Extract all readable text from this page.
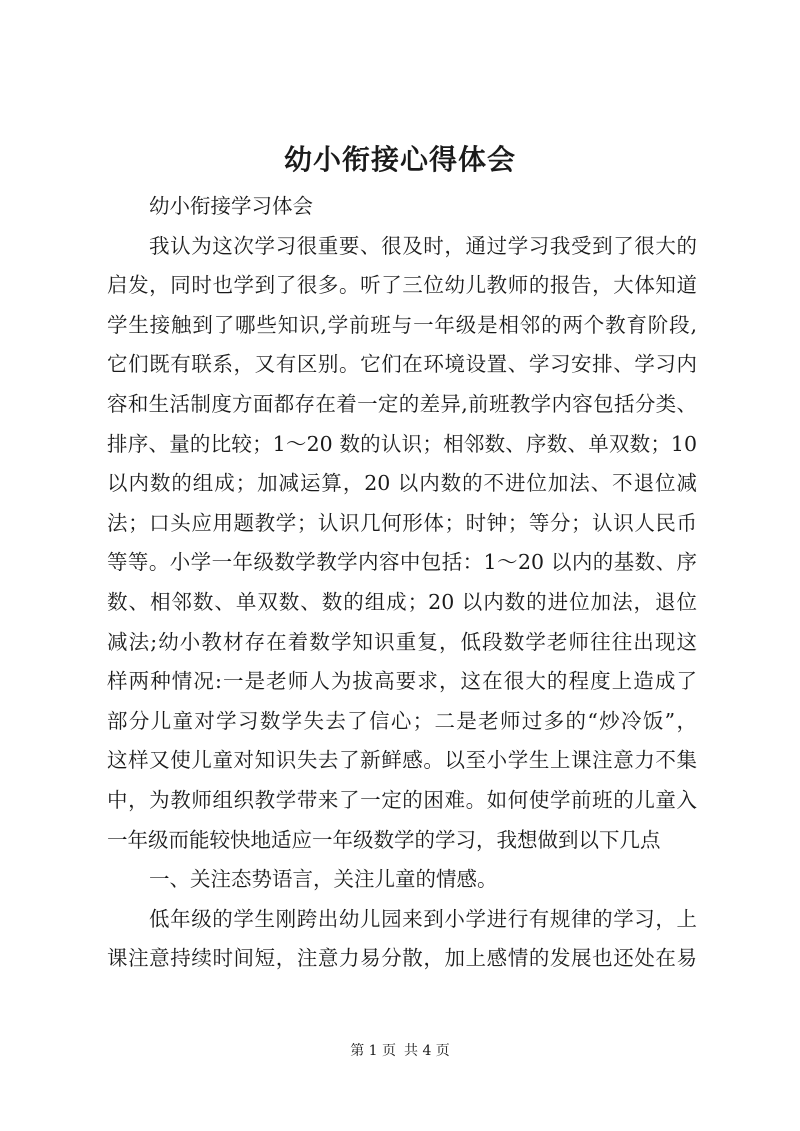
幼小衔接心得体会
幼小衔接学习体会
我认为这次学习很重要、很及时，通过学习我受到了很大的
启发，同时也学到了很多。听了三位幼儿教师的报告，大体知道
学生接触到了哪些知识,学前班与一年级是相邻的两个教育阶段,
它们既有联系，又有区别。它们在环境设置、学习安排、学习内
容和生活制度方面都存在着一定的差异,前班教学内容包括分类、
排序、量的比较；1～20 数的认识；相邻数、序数、单双数；10
以内数的组成；加减运算，20 以内数的不进位加法、不退位减
法；口头应用题教学；认识几何形体；时钟；等分；认识人民币
等等。小学一年级数学教学内容中包括：1～20 以内的基数、序
数、相邻数、单双数、数的组成；20 以内数的进位加法，退位
减法;幼小教材存在着数学知识重复，低段数学老师往往出现这
样两种情况:一是老师人为拔高要求，这在很大的程度上造成了
部分儿童对学习数学失去了信心；二是老师过多的“炒冷饭”，
这样又使儿童对知识失去了新鲜感。以至小学生上课注意力不集
中，为教师组织教学带来了一定的困难。如何使学前班的儿童入
一年级而能较快地适应一年级数学的学习，我想做到以下几点
一、关注态势语言，关注儿童的情感。
低年级的学生刚跨出幼儿园来到小学进行有规律的学习，上
课注意持续时间短，注意力易分散，加上感情的发展也还处在易
第 1 页 共 4 页
